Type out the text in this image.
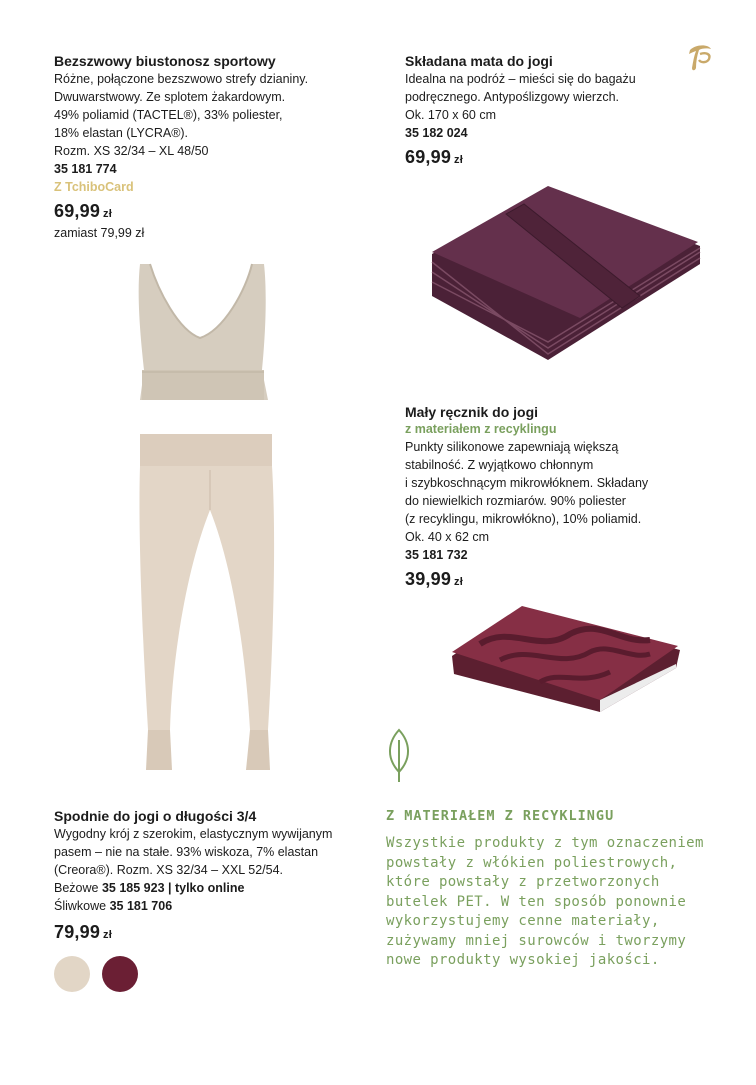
Bezszwowy biustonosz sportowy
Różne, połączone bezszwowo strefy dzianiny.
Dwuwarstwowy. Ze splotem żakardowym.
49% poliamid (TACTEL®), 33% poliester,
18% elastan (LYCRA®).
Rozm. XS 32/34 – XL 48/50
35 181 774
Z TchiboCard
69,99 zł
zamiast 79,99 zł
Spodnie do jogi o długości 3/4
Wygodny krój z szerokim, elastycznym wywijanym
pasem – nie na stałe. 93% wiskoza, 7% elastan
(Creora®). Rozm. XS 32/34 – XXL 52/54.
Beżowe 35 185 923 | tylko online
Śliwkowe 35 181 706
79,99 zł

Składana mata do jogi
Idealna na podróż – mieści się do bagażu
podręcznego. Antypoślizgowy wierzch.
Ok. 170 x 60 cm
35 182 024
69,99 zł
Mały ręcznik do jogi
z materiałem z recyklingu
Punkty silikonowe zapewniają większą
stabilność. Z wyjątkowo chłonnym
i szybkoschnącym mikrowłóknem. Składany
do niewielkich rozmiarów. 90% poliester
(z recyklingu, mikrowłókno), 10% poliamid.
Ok. 40 x 62 cm
35 181 732
39,99 zł
Z MATERIAŁEM Z RECYKLINGU
Wszystkie produkty z tym oznaczeniem
powstały z włókien poliestrowych,
które powstały z przetworzonych
butelek PET. W ten sposób ponownie
wykorzystujemy cenne materiały,
zużywamy mniej surowców i tworzymy
nowe produkty wysokiej jakości.
